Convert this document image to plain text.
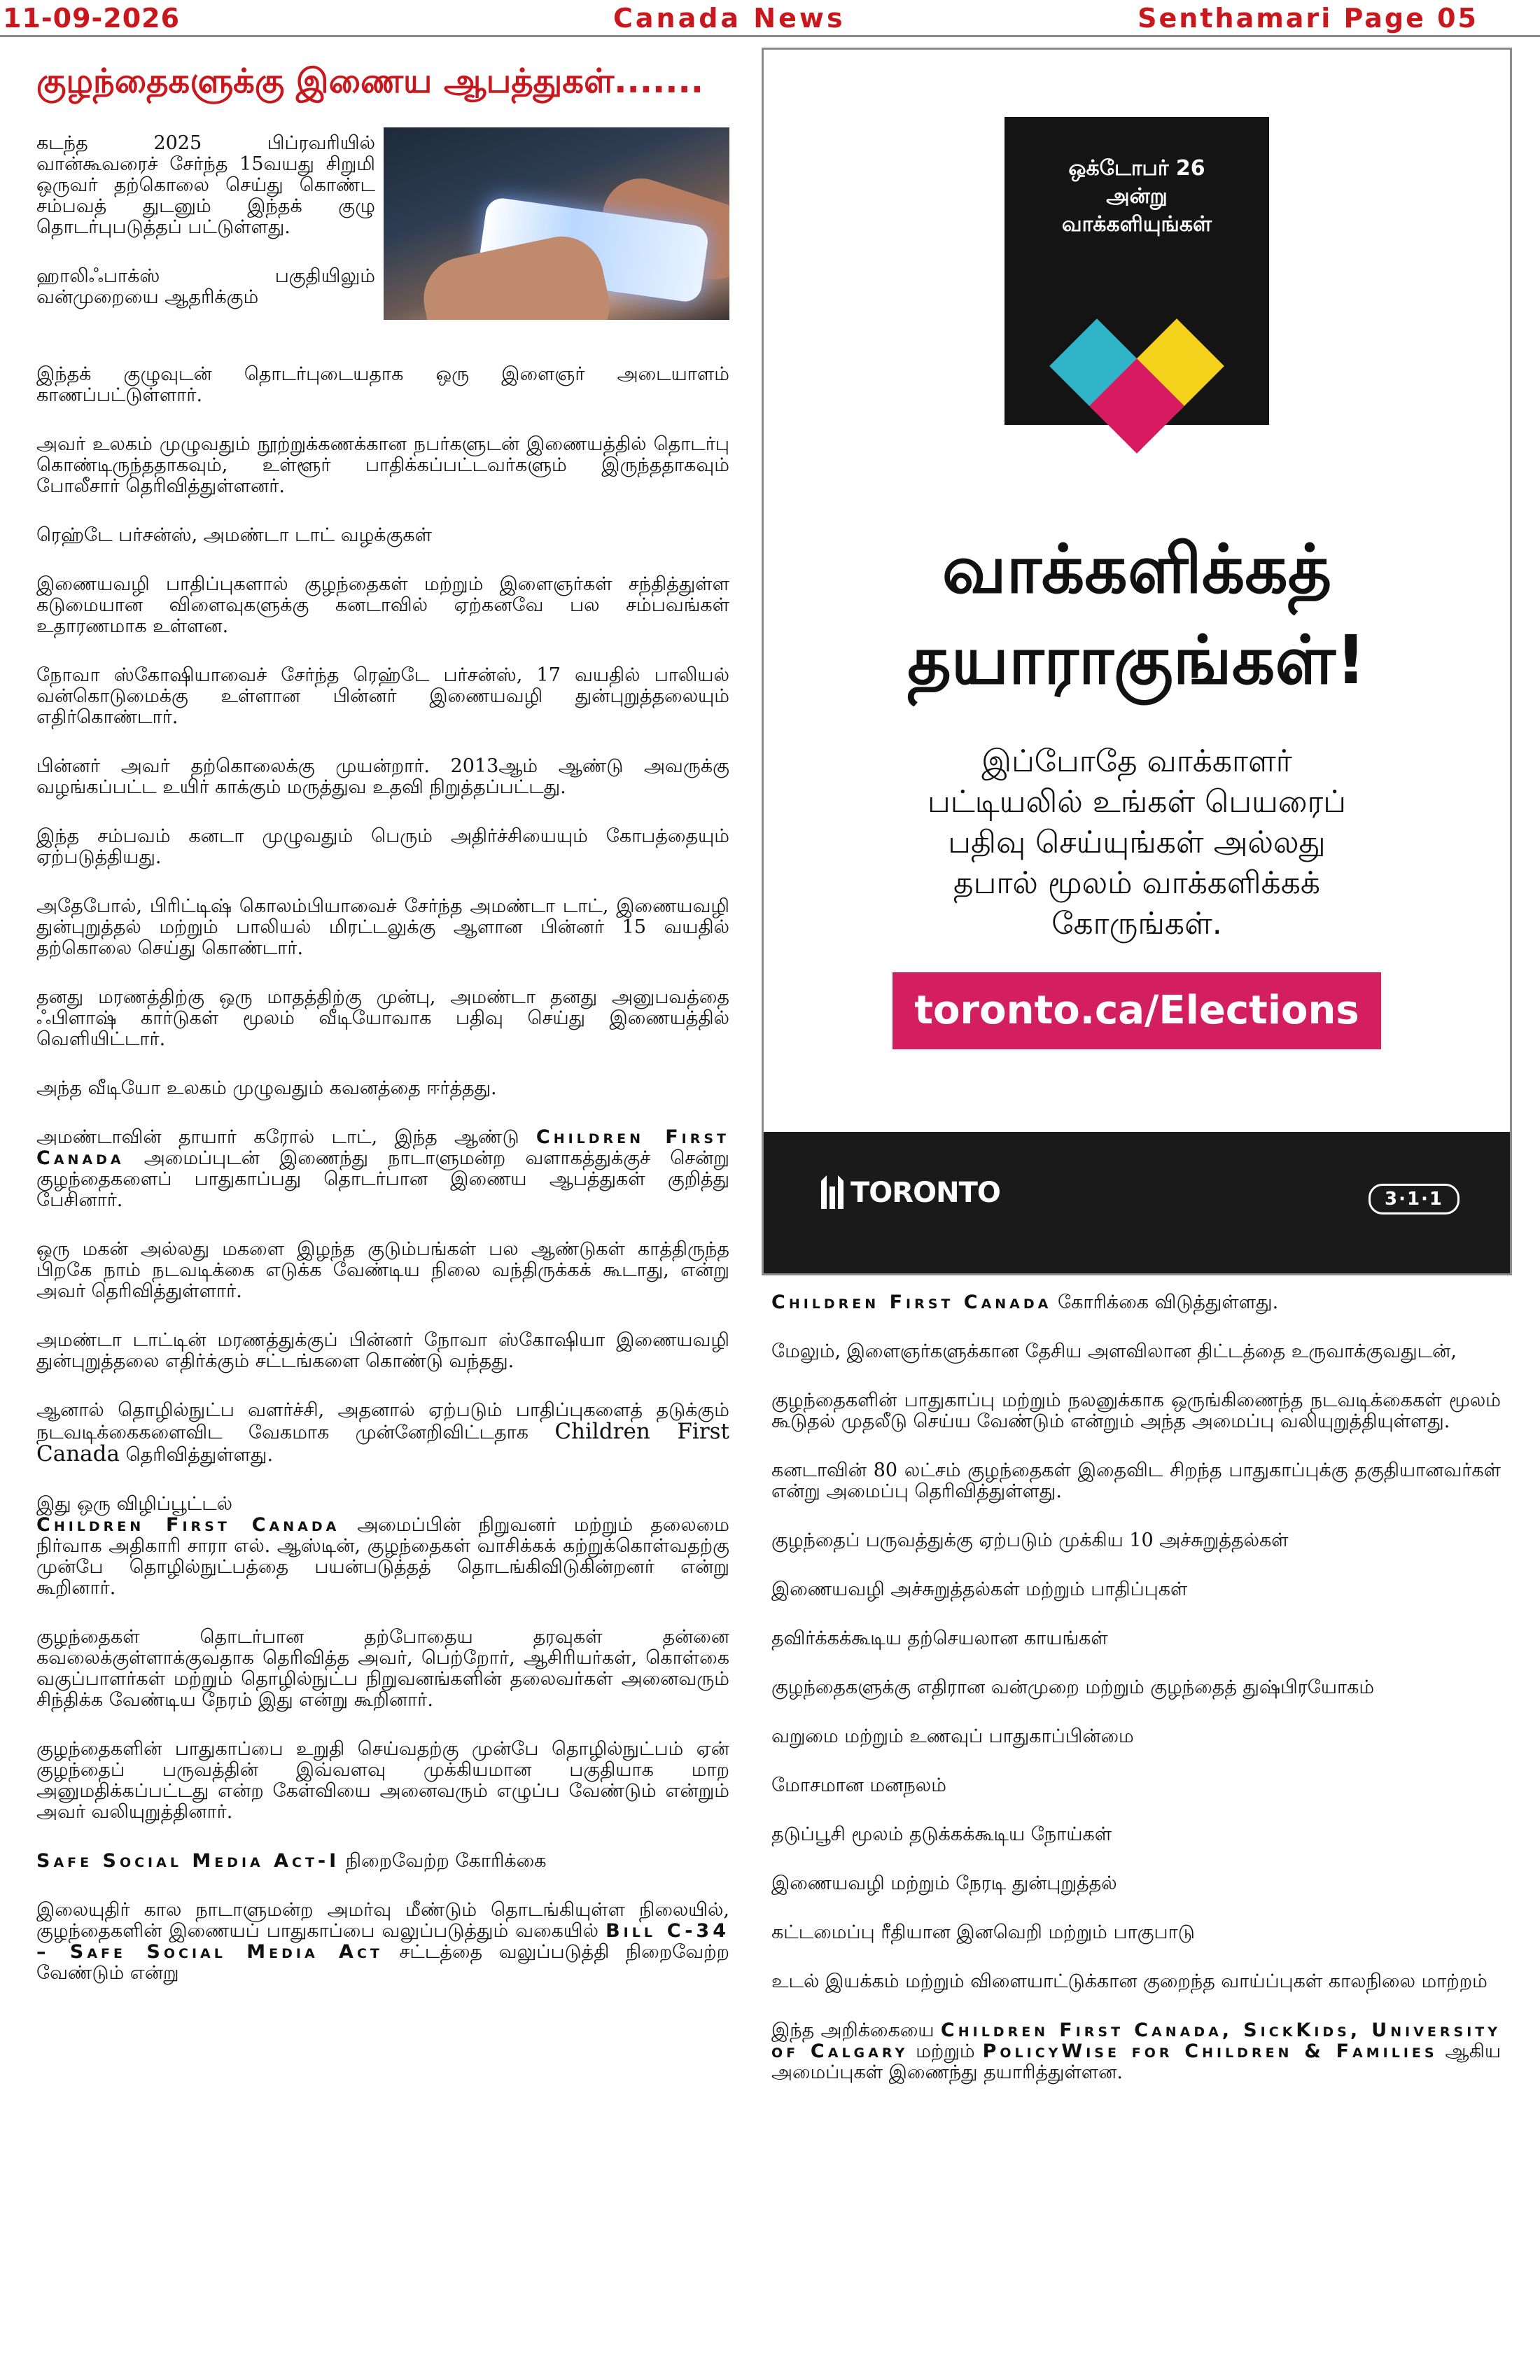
11-09-2026	Canada News	Senthamari Page 05
குழந்தைகளுக்கு இணைய ஆபத்துகள்.......

கடந்த 2025 பிப்ரவரியில் வான்கூவரைச் சேர்ந்த 15வயது சிறுமி ஒருவர் தற்கொலை செய்து கொண்ட சம்பவத் துடனும் இந்தக் குழு தொடர்புபடுத்தப் பட்டுள்ளது.

ஹாலிஃபாக்ஸ் பகுதியிலும் வன்முறையை ஆதரிக்கும்

இந்தக் குழுவுடன் தொடர்புடையதாக ஒரு இளைஞர் அடையாளம் காணப்பட்டுள்ளார்.

அவர் உலகம் முழுவதும் நூற்றுக்கணக்கான நபர்களுடன் இணையத்தில் தொடர்பு கொண்டிருந்ததாகவும், உள்ளூர் பாதிக்கப்பட்டவர்களும் இருந்ததாகவும் போலீசார் தெரிவித்துள்ளனர்.

ரெஹ்டே பர்சன்ஸ், அமண்டா டாட் வழக்குகள்

இணையவழி பாதிப்புகளால் குழந்தைகள் மற்றும் இளைஞர்கள் சந்தித்துள்ள கடுமையான விளைவுகளுக்கு கனடாவில் ஏற்கனவே பல சம்பவங்கள் உதாரணமாக உள்ளன.

நோவா ஸ்கோஷியாவைச் சேர்ந்த ரெஹ்டே பர்சன்ஸ், 17 வயதில் பாலியல் வன்கொடுமைக்கு உள்ளான பின்னர் இணையவழி துன்புறுத்தலையும் எதிர்கொண்டார்.

பின்னர் அவர் தற்கொலைக்கு முயன்றார். 2013ஆம் ஆண்டு அவருக்கு வழங்கப்பட்ட உயிர் காக்கும் மருத்துவ உதவி நிறுத்தப்பட்டது.

இந்த சம்பவம் கனடா முழுவதும் பெரும் அதிர்ச்சியையும் கோபத்தையும் ஏற்படுத்தியது.

அதேபோல், பிரிட்டிஷ் கொலம்பியாவைச் சேர்ந்த அமண்டா டாட், இணையவழி துன்புறுத்தல் மற்றும் பாலியல் மிரட்டலுக்கு ஆளான பின்னர் 15 வயதில் தற்கொலை செய்து கொண்டார்.

தனது மரணத்திற்கு ஒரு மாதத்திற்கு முன்பு, அமண்டா தனது அனுபவத்தை ஃபிளாஷ் கார்டுகள் மூலம் வீடியோவாக பதிவு செய்து இணையத்தில் வெளியிட்டார்.

அந்த வீடியோ உலகம் முழுவதும் கவனத்தை ஈர்த்தது.

அமண்டாவின் தாயார் கரோல் டாட், இந்த ஆண்டு Children First Canada அமைப்புடன் இணைந்து நாடாளுமன்ற வளாகத்துக்குச் சென்று குழந்தைகளைப் பாதுகாப்பது தொடர்பான இணைய ஆபத்துகள் குறித்து பேசினார்.

ஒரு மகன் அல்லது மகளை இழந்த குடும்பங்கள் பல ஆண்டுகள் காத்திருந்த பிறகே நாம் நடவடிக்கை எடுக்க வேண்டிய நிலை வந்திருக்கக் கூடாது, என்று அவர் தெரிவித்துள்ளார்.

அமண்டா டாட்டின் மரணத்துக்குப் பின்னர் நோவா ஸ்கோஷியா இணையவழி துன்புறுத்தலை எதிர்க்கும் சட்டங்களை கொண்டு வந்தது.

ஆனால் தொழில்நுட்ப வளர்ச்சி, அதனால் ஏற்படும் பாதிப்புகளைத் தடுக்கும் நடவடிக்கைகளைவிட வேகமாக முன்னேறிவிட்டதாக Children First Canada தெரிவித்துள்ளது.

இது ஒரு விழிப்பூட்டல்

Children First Canada அமைப்பின் நிறுவனர் மற்றும் தலைமை நிர்வாக அதிகாரி சாரா எல். ஆஸ்டின், குழந்தைகள் வாசிக்கக் கற்றுக்கொள்வதற்கு முன்பே தொழில்நுட்பத்தை பயன்படுத்தத் தொடங்கிவிடுகின்றனர் என்று கூறினார்.

குழந்தைகள் தொடர்பான தற்போதைய தரவுகள் தன்னை கவலைக்குள்ளாக்குவதாக தெரிவித்த அவர், பெற்றோர், ஆசிரியர்கள், கொள்கை வகுப்பாளர்கள் மற்றும் தொழில்நுட்ப நிறுவனங்களின் தலைவர்கள் அனைவரும் சிந்திக்க வேண்டிய நேரம் இது என்று கூறினார்.

குழந்தைகளின் பாதுகாப்பை உறுதி செய்வதற்கு முன்பே தொழில்நுட்பம் ஏன் குழந்தைப் பருவத்தின் இவ்வளவு முக்கியமான பகுதியாக மாற அனுமதிக்கப்பட்டது என்ற கேள்வியை அனைவரும் எழுப்ப வேண்டும் என்றும் அவர் வலியுறுத்தினார்.

Safe Social Media Act-I நிறைவேற்ற கோரிக்கை

இலையுதிர் கால நாடாளுமன்ற அமர்வு மீண்டும் தொடங்கியுள்ள நிலையில், குழந்தைகளின் இணையப் பாதுகாப்பை வலுப்படுத்தும் வகையில் Bill C-34 – Safe Social Media Act சட்டத்தை வலுப்படுத்தி நிறைவேற்ற வேண்டும் என்று

ஒக்டோபர் 26
அன்று
வாக்களியுங்கள்
வாக்களிக்கத்
தயாராகுங்கள்!
இப்போதே வாக்காளர்
பட்டியலில் உங்கள் பெயரைப்
பதிவு செய்யுங்கள் அல்லது
தபால் மூலம் வாக்களிக்கக்
கோருங்கள்.
toronto.ca/Elections
TORONTO	3·1·1

Children First Canada கோரிக்கை விடுத்துள்ளது.

மேலும், இளைஞர்களுக்கான தேசிய அளவிலான திட்டத்தை உருவாக்குவதுடன்,

குழந்தைகளின் பாதுகாப்பு மற்றும் நலனுக்காக ஒருங்கிணைந்த நடவடிக்கைகள் மூலம் கூடுதல் முதலீடு செய்ய வேண்டும் என்றும் அந்த அமைப்பு வலியுறுத்தியுள்ளது.

கனடாவின் 80 லட்சம் குழந்தைகள் இதைவிட சிறந்த பாதுகாப்புக்கு தகுதியானவர்கள் என்று அமைப்பு தெரிவித்துள்ளது.

குழந்தைப் பருவத்துக்கு ஏற்படும் முக்கிய 10 அச்சுறுத்தல்கள்

இணையவழி அச்சுறுத்தல்கள் மற்றும் பாதிப்புகள்

தவிர்க்கக்கூடிய தற்செயலான காயங்கள்

குழந்தைகளுக்கு எதிரான வன்முறை மற்றும் குழந்தைத் துஷ்பிரயோகம்

வறுமை மற்றும் உணவுப் பாதுகாப்பின்மை

மோசமான மனநலம்

தடுப்பூசி மூலம் தடுக்கக்கூடிய நோய்கள்

இணையவழி மற்றும் நேரடி துன்புறுத்தல்

கட்டமைப்பு ரீதியான இனவெறி மற்றும் பாகுபாடு

உடல் இயக்கம் மற்றும் விளையாட்டுக்கான குறைந்த வாய்ப்புகள் காலநிலை மாற்றம்

இந்த அறிக்கையை Children First Canada, SickKids, University of Calgary மற்றும் PolicyWise for Children & Families ஆகிய அமைப்புகள் இணைந்து தயாரித்துள்ளன.
